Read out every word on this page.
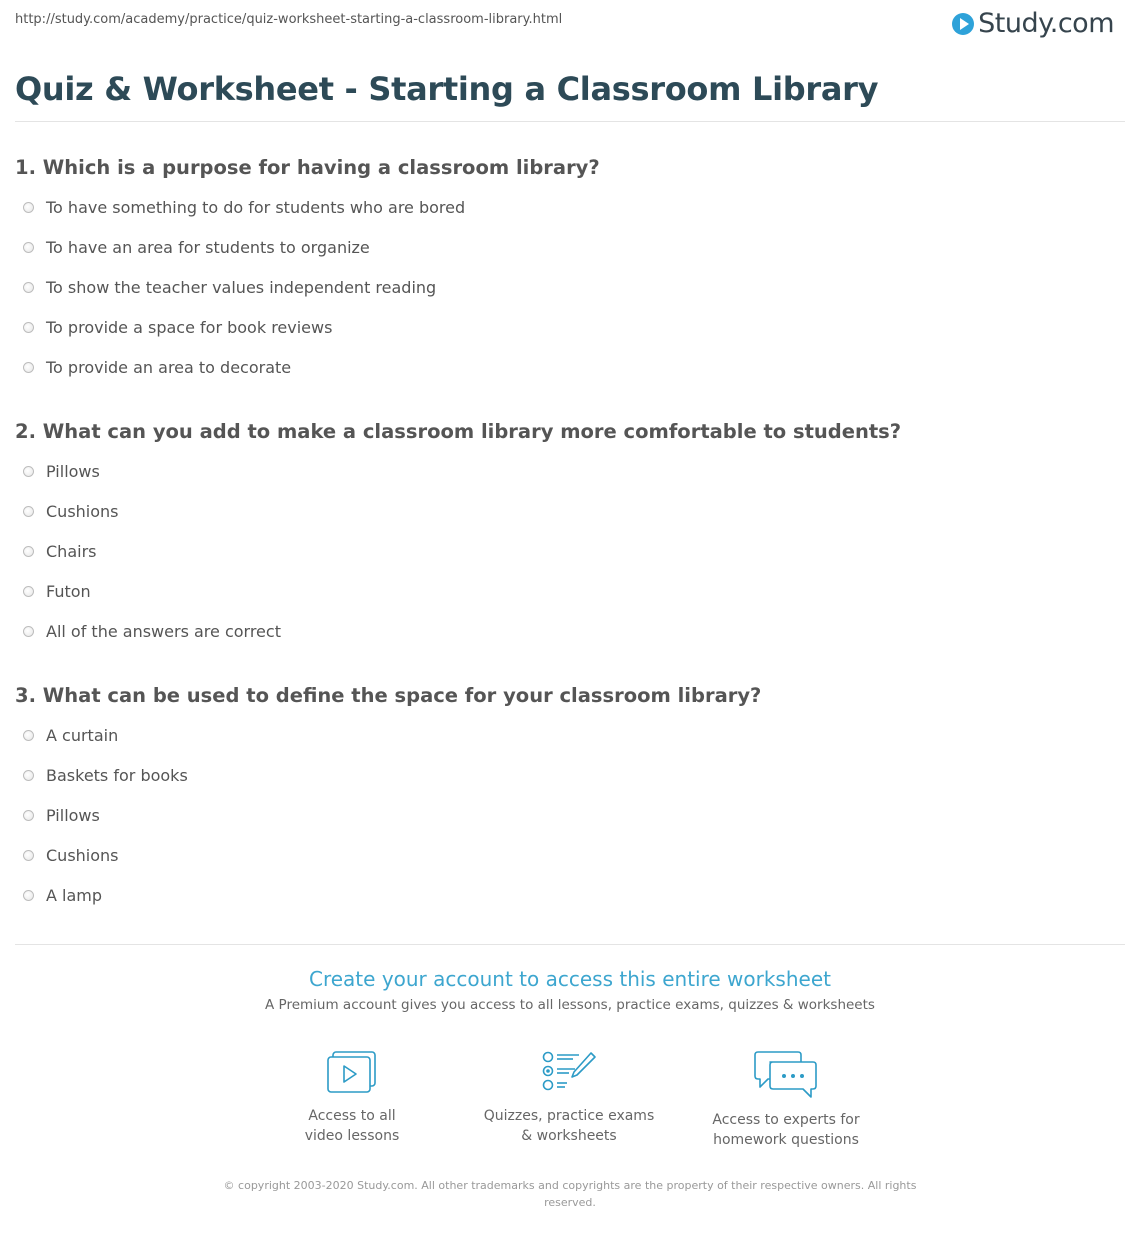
http://study.com/academy/practice/quiz-worksheet-starting-a-classroom-library.html	Study.com
Quiz & Worksheet - Starting a Classroom Library
1. Which is a purpose for having a classroom library?
To have something to do for students who are bored
To have an area for students to organize
To show the teacher values independent reading
To provide a space for book reviews
To provide an area to decorate
2. What can you add to make a classroom library more comfortable to students?
Pillows
Cushions
Chairs
Futon
All of the answers are correct
3. What can be used to define the space for your classroom library?
A curtain
Baskets for books
Pillows
Cushions
A lamp
Create your account to access this entire worksheet
A Premium account gives you access to all lessons, practice exams, quizzes & worksheets
Access to all
video lessons
Quizzes, practice exams
& worksheets
Access to experts for
homework questions
© copyright 2003-2020 Study.com. All other trademarks and copyrights are the property of their respective owners. All rights reserved.
